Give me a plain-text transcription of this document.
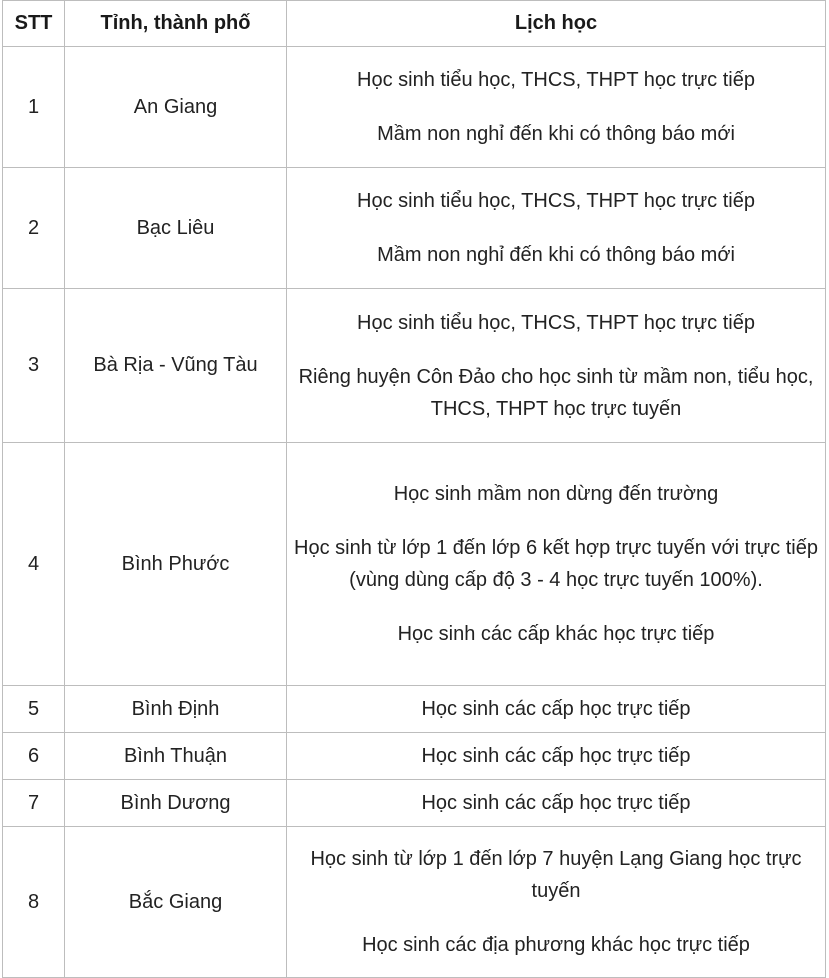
STT	Tỉnh, thành phố	Lịch học
1	An Giang	Học sinh tiểu học, THCS, THPT học trực tiếp

Mầm non nghỉ đến khi có thông báo mới

2	Bạc Liêu	Học sinh tiểu học, THCS, THPT học trực tiếp

Mầm non nghỉ đến khi có thông báo mới

3	Bà Rịa - Vũng Tàu	Học sinh tiểu học, THCS, THPT học trực tiếp

Riêng huyện Côn Đảo cho học sinh từ mầm non, tiểu học, THCS, THPT học trực tuyến

4	Bình Phước	Học sinh mầm non dừng đến trường

Học sinh từ lớp 1 đến lớp 6 kết hợp trực tuyến với trực tiếp (vùng dùng cấp độ 3 - 4 học trực tuyến 100%).

Học sinh các cấp khác học trực tiếp

5	Bình Định	Học sinh các cấp học trực tiếp

6	Bình Thuận	Học sinh các cấp học trực tiếp

7	Bình Dương	Học sinh các cấp học trực tiếp

8	Bắc Giang	Học sinh từ lớp 1 đến lớp 7 huyện Lạng Giang học trực tuyến

Học sinh các địa phương khác học trực tiếp
